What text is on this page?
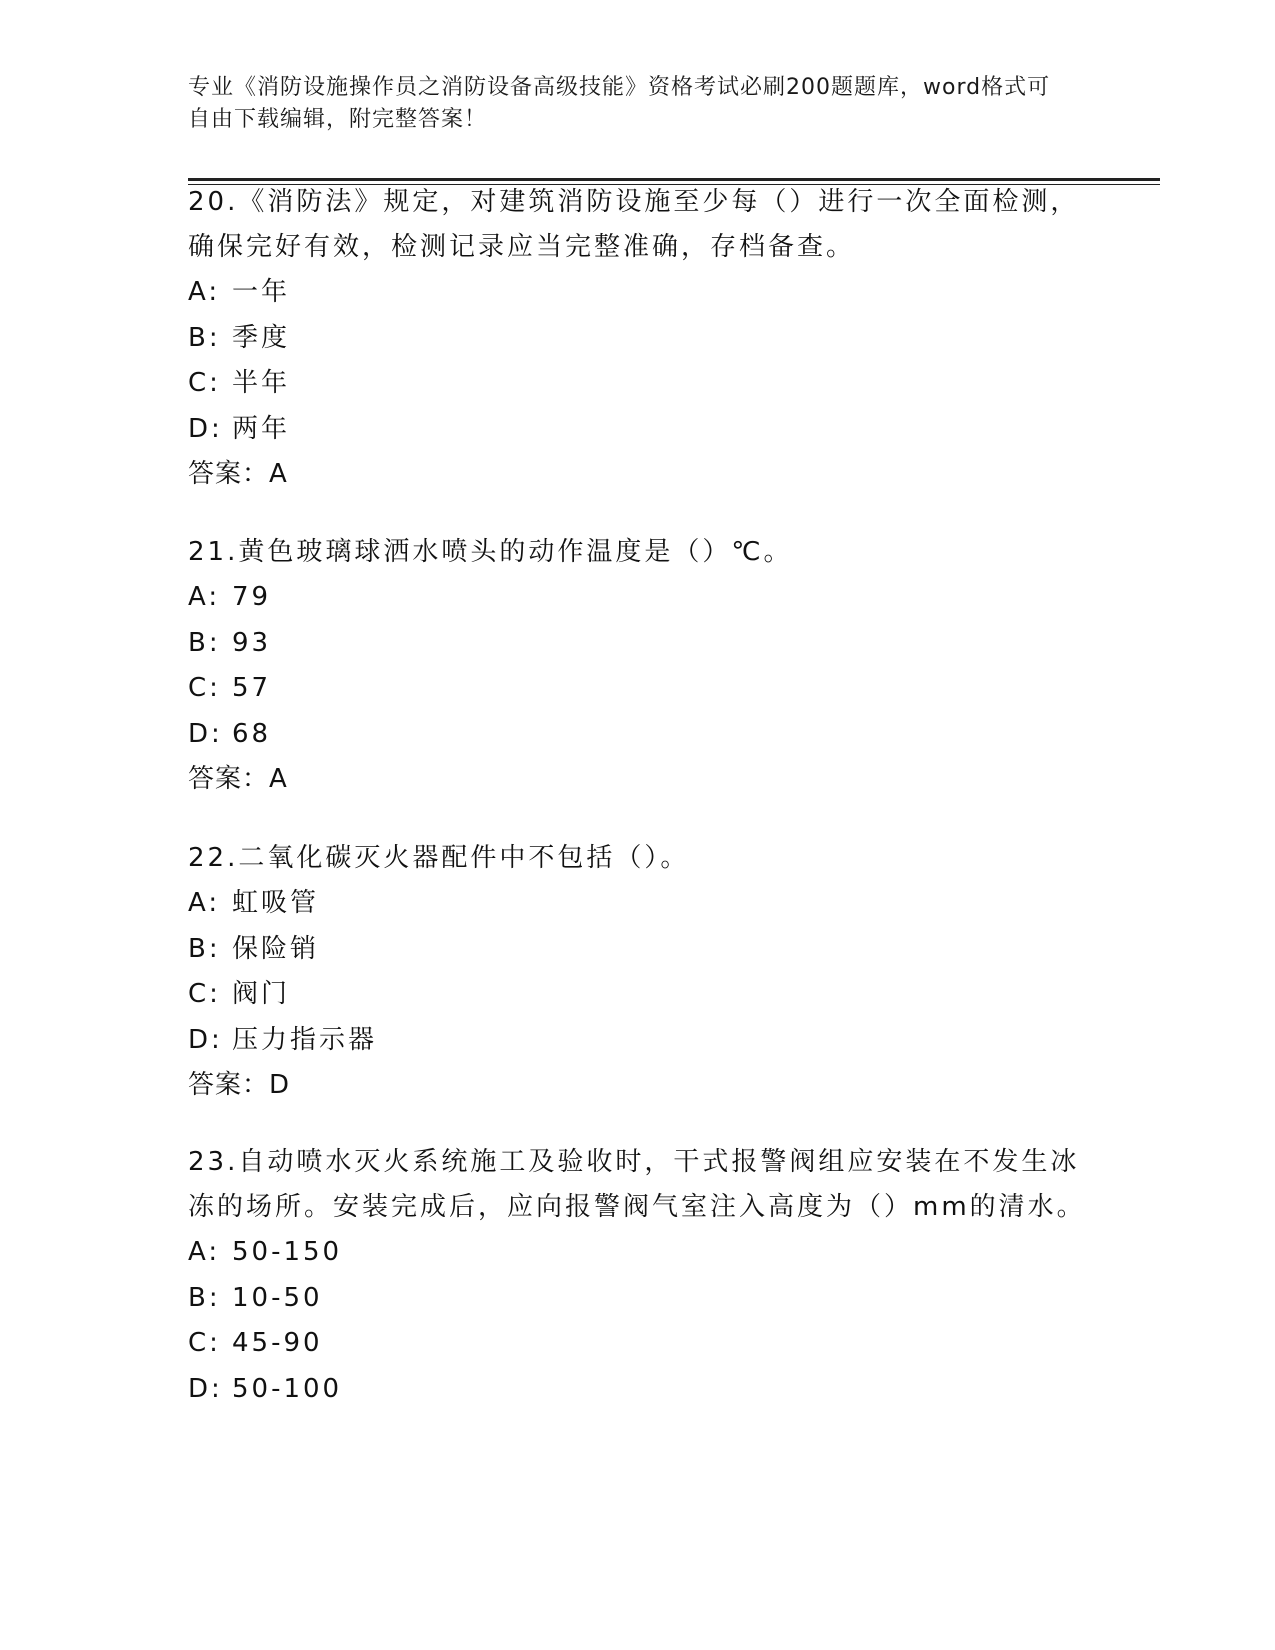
专业《消防设施操作员之消防设备高级技能》资格考试必刷200题题库，word格式可自由下载编辑，附完整答案！

20.《消防法》规定，对建筑消防设施至少每（）进行一次全面检测，确保完好有效，检测记录应当完整准确，存档备查。

A: 一年

B: 季度

C: 半年

D: 两年

答案：A

21.黄色玻璃球洒水喷头的动作温度是（）℃。

A: 79

B: 93

C: 57

D: 68

答案：A

22.二氧化碳灭火器配件中不包括（）。

A: 虹吸管

B: 保险销

C: 阀门

D: 压力指示器

答案：D

23.自动喷水灭火系统施工及验收时，干式报警阀组应安装在不发生冰冻的场所。安装完成后，应向报警阀气室注入高度为（）mm的清水。

A: 50-150

B: 10-50

C: 45-90

D: 50-100
